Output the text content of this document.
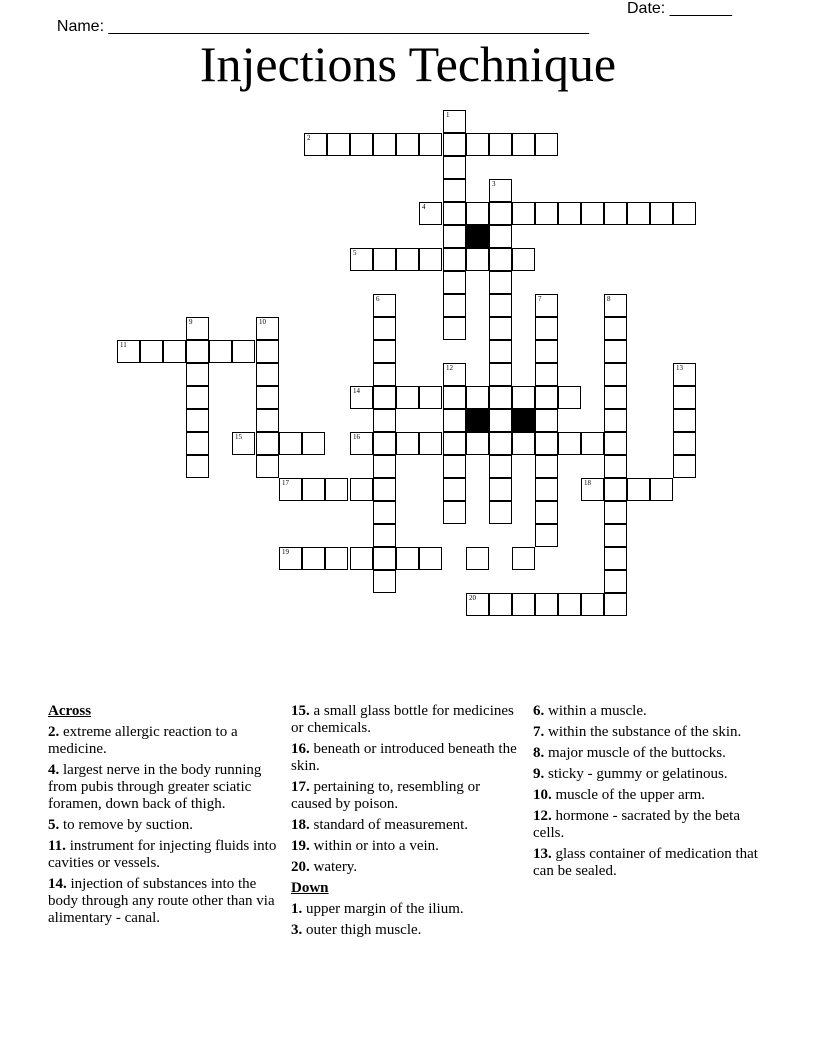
Name: ______________________________________________________

Date: _______

Injections Technique
1
2
3
4
5
6	7	8
9	10
11
12	13
14
15	16
17	18
19
20
Across
2. extreme allergic reaction to a medicine.
4. largest nerve in the body running from pubis through greater sciatic foramen, down back of thigh.
5. to remove by suction.
11. instrument for injecting fluids into cavities or vessels.
14. injection of substances into the body through any route other than via alimentary - canal.
15. a small glass bottle for medicines or chemicals.
16. beneath or introduced beneath the skin.
17. pertaining to, resembling or caused by poison.
18. standard of measurement.
19. within or into a vein.
20. watery.
Down
1. upper margin of the ilium.
3. outer thigh muscle.
6. within a muscle.
7. within the substance of the skin.
8. major muscle of the buttocks.
9. sticky - gummy or gelatinous.
10. muscle of the upper arm.
12. hormone - sacrated by the beta cells.
13. glass container of medication that can be sealed.
